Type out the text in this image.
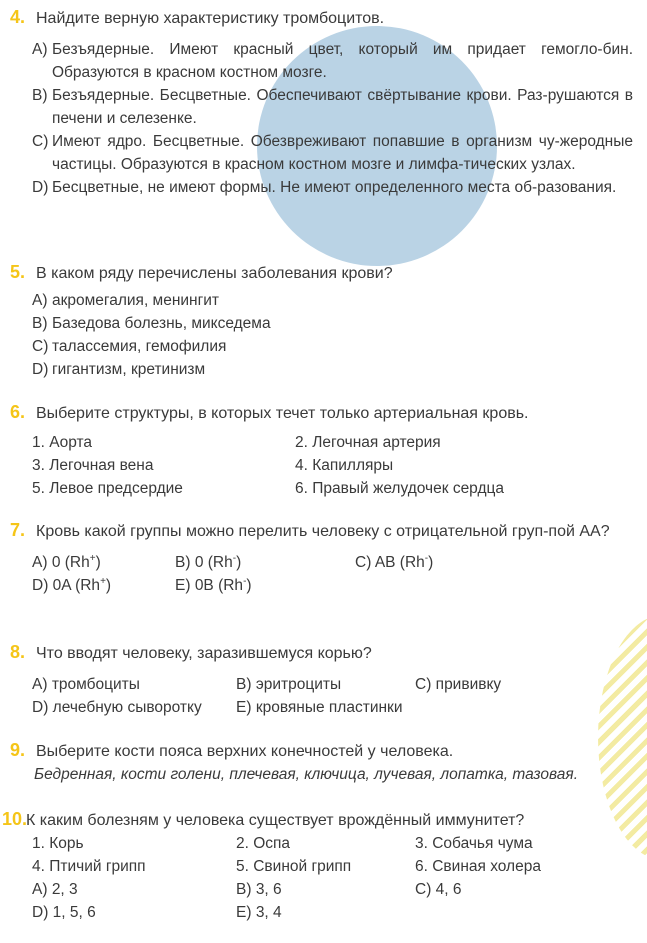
4. Найдите верную характеристику тромбоцитов.
A) Безъядерные. Имеют красный цвет, который им придает гемогло-бин. Образуются в красном костном мозге.
B) Безъядерные. Бесцветные. Обеспечивают свёртывание крови. Раз-рушаются в печени и селезенке.
C) Имеют ядро. Бесцветные. Обезвреживают попавшие в организм чу-жеродные частицы. Образуются в красном костном мозге и лимфа-тических узлах.
D) Бесцветные, не имеют формы. Не имеют определенного места об-разования.
5. В каком ряду перечислены заболевания крови?
A) акромегалия, менингит
B) Базедова болезнь, микседема
C) талассемия, гемофилия
D) гигантизм, кретинизм
6. Выберите структуры, в которых течет только артериальная кровь.
1. Аорта	2. Легочная артерия
3. Легочная вена	4. Капилляры
5. Левое предсердие	6. Правый желудочек сердца
7. Кровь какой группы можно перелить человеку с отрицательной груп-пой АА?
A) 0 (Rh+)	B) 0 (Rh-)	C) AB (Rh-)
D) 0A (Rh+)	E) 0B (Rh-)
8. Что вводят человеку, заразившемуся корью?
A) тромбоциты	B) эритроциты	C) прививку
D) лечебную сыворотку	E) кровяные пластинки
9. Выберите кости пояса верхних конечностей у человека.
Бедренная, кости голени, плечевая, ключица, лучевая, лопатка, тазовая.
10.
К каким болезням у человека существует врождённый иммунитет?
1. Корь	2. Оспа	3. Собачья чума
4. Птичий грипп	5. Свиной грипп	6. Свиная холера
A) 2, 3	B) 3, 6	C) 4, 6
D) 1, 5, 6	E) 3, 4
